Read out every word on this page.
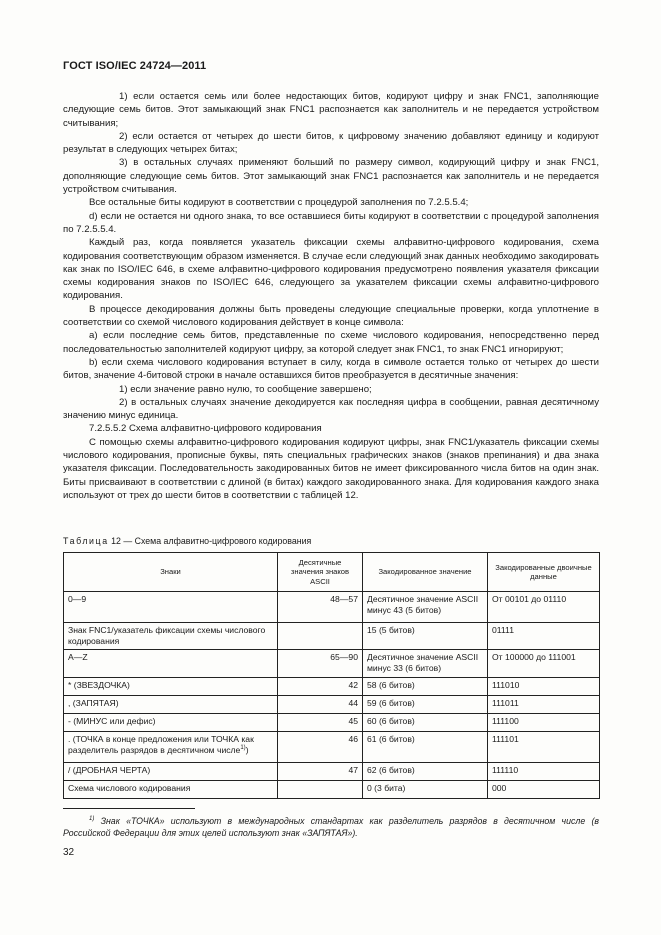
ГОСТ ISO/IEC 24724—2011

1) если остается семь или более недостающих битов, кодируют цифру и знак FNC1, заполняющие следующие семь битов. Этот замыкающий знак FNC1 распознается как заполнитель и не передается устройством считывания;

2) если остается от четырех до шести битов, к цифровому значению добавляют единицу и кодируют результат в следующих четырех битах;

3) в остальных случаях применяют больший по размеру символ, кодирующий цифру и знак FNC1, дополняющие следующие семь битов. Этот замыкающий знак FNC1 распознается как заполнитель и не передается устройством считывания.

Все остальные биты кодируют в соответствии с процедурой заполнения по 7.2.5.5.4;

d) если не остается ни одного знака, то все оставшиеся биты кодируют в соответствии с процедурой заполнения по 7.2.5.5.4.

Каждый раз, когда появляется указатель фиксации схемы алфавитно-цифрового кодирования, схема кодирования соответствующим образом изменяется. В случае если следующий знак данных необходимо закодировать как знак по ISO/IEC 646, в схеме алфавитно-цифрового кодирования предусмотрено появления указателя фиксации схемы кодирования знаков по ISO/IEC 646, следующего за указателем фиксации схемы алфавитно-цифрового кодирования.

В процессе декодирования должны быть проведены следующие специальные проверки, когда уплотнение в соответствии со схемой числового кодирования действует в конце символа:

a) если последние семь битов, представленные по схеме числового кодирования, непосредственно перед последовательностью заполнителей кодируют цифру, за которой следует знак FNC1, то знак FNC1 игнорируют;

b) если схема числового кодирования вступает в силу, когда в символе остается только от четырех до шести битов, значение 4-битовой строки в начале оставшихся битов преобразуется в десятичные значения:

1) если значение равно нулю, то сообщение завершено;

2) в остальных случаях значение декодируется как последняя цифра в сообщении, равная десятичному значению минус единица.

7.2.5.5.2 Схема алфавитно-цифрового кодирования

С помощью схемы алфавитно-цифрового кодирования кодируют цифры, знак FNC1/указатель фиксации схемы числового кодирования, прописные буквы, пять специальных графических знаков (знаков препинания) и два знака указателя фиксации. Последовательность закодированных битов не имеет фиксированного числа битов на один знак. Биты присваивают в соответствии с длиной (в битах) каждого закодированного знака. Для кодирования каждого знака используют от трех до шести битов в соответствии с таблицей 12.

Таблица 12 — Схема алфавитно-цифрового кодирования
Знаки	Десятичные значения знаков ASCII	Закодированное значение	Закодированные двоичные данные
0—9	48—57	Десятичное значение ASCII минус 43 (5 битов)	От 00101 до 01110
Знак FNC1/указатель фиксации схемы числового кодирования		15 (5 битов)	01111
A—Z	65—90	Десятичное значение ASCII минус 33 (6 битов)	От 100000 до 111001
* (ЗВЕЗДОЧКА)	42	58 (6 битов)	111010
, (ЗАПЯТАЯ)	44	59 (6 битов)	111011
- (МИНУС или дефис)	45	60 (6 битов)	111100
. (ТОЧКА в конце предложения или ТОЧКА как разделитель разрядов в десятичном числе$^{1)}$)	46	61 (6 битов)	111101
/ (ДРОБНАЯ ЧЕРТА)	47	62 (6 битов)	111110
Схема числового кодирования		0 (3 бита)	000

$^{1)}$ Знак «ТОЧКА» используют в международных стандартах как разделитель разрядов в десятичном числе (в Российской Федерации для этих целей используют знак «ЗАПЯТАЯ»).

32
